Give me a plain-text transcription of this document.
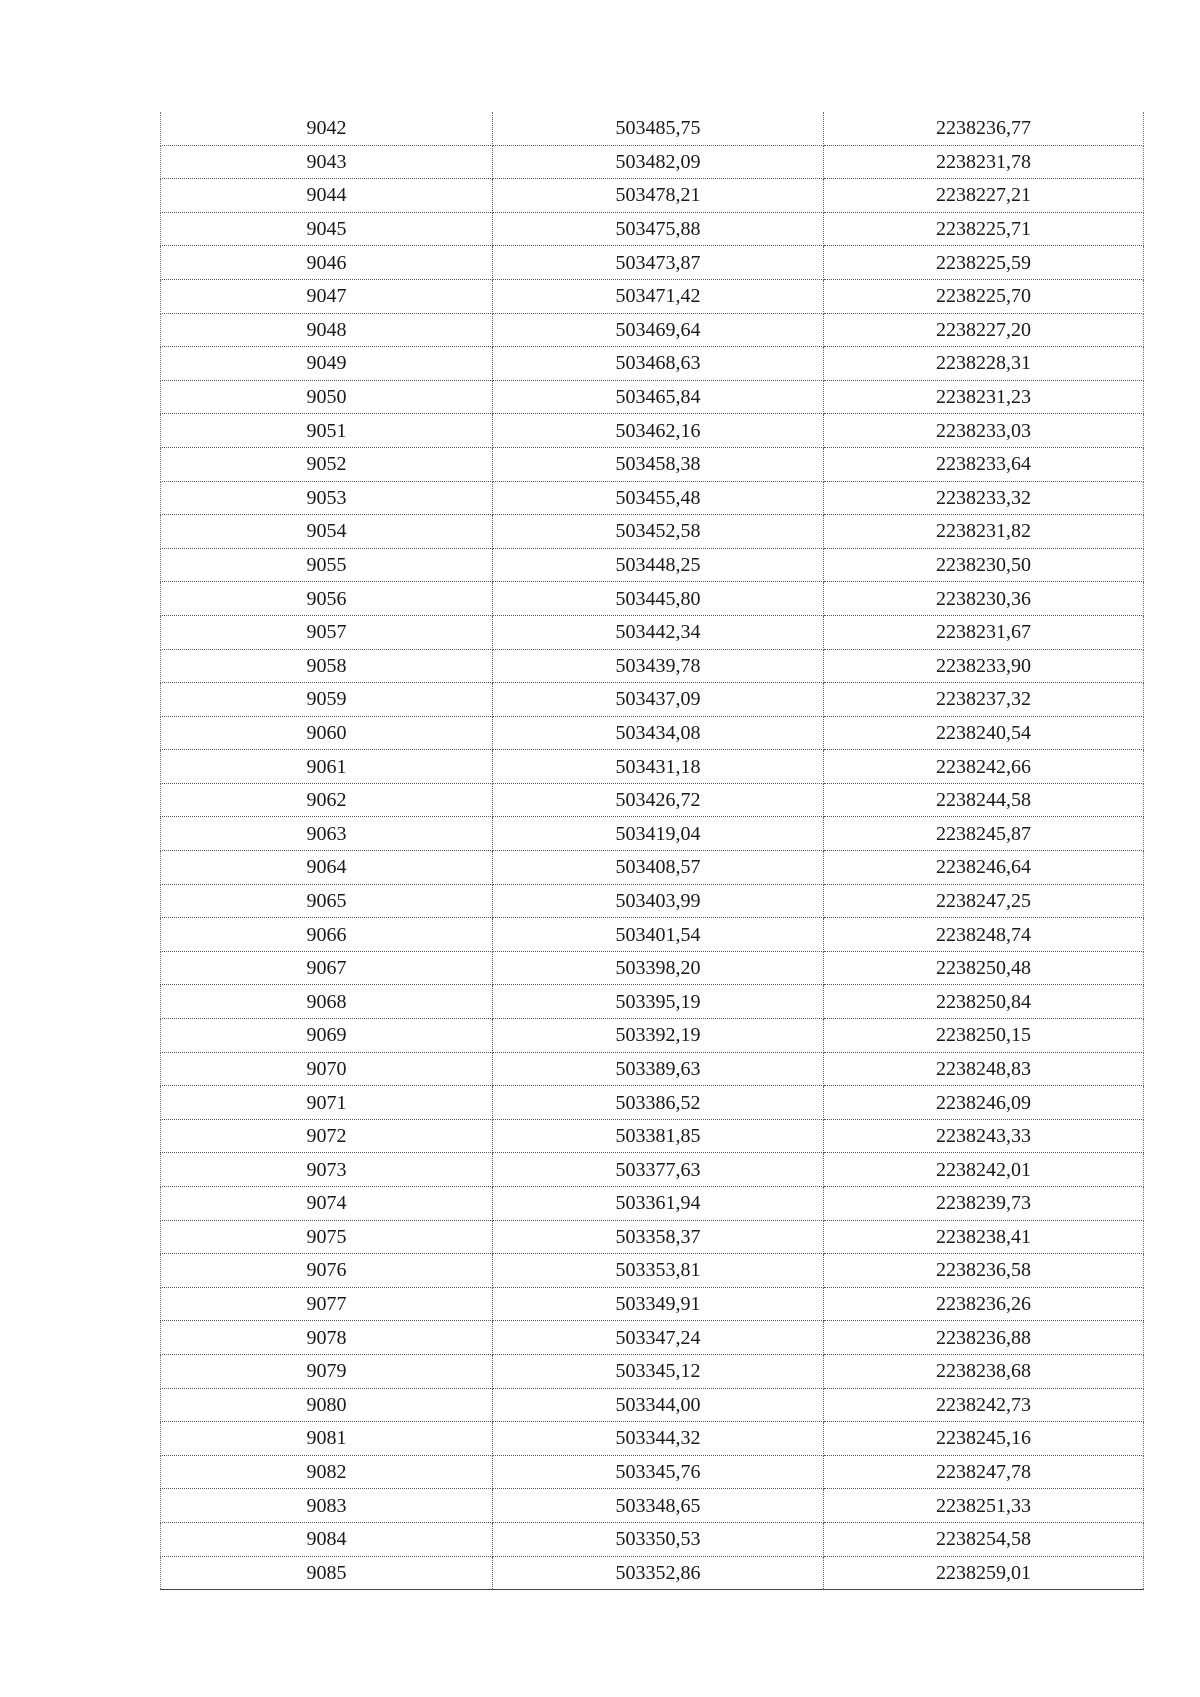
9042	503485,75	2238236,77
9043	503482,09	2238231,78
9044	503478,21	2238227,21
9045	503475,88	2238225,71
9046	503473,87	2238225,59
9047	503471,42	2238225,70
9048	503469,64	2238227,20
9049	503468,63	2238228,31
9050	503465,84	2238231,23
9051	503462,16	2238233,03
9052	503458,38	2238233,64
9053	503455,48	2238233,32
9054	503452,58	2238231,82
9055	503448,25	2238230,50
9056	503445,80	2238230,36
9057	503442,34	2238231,67
9058	503439,78	2238233,90
9059	503437,09	2238237,32
9060	503434,08	2238240,54
9061	503431,18	2238242,66
9062	503426,72	2238244,58
9063	503419,04	2238245,87
9064	503408,57	2238246,64
9065	503403,99	2238247,25
9066	503401,54	2238248,74
9067	503398,20	2238250,48
9068	503395,19	2238250,84
9069	503392,19	2238250,15
9070	503389,63	2238248,83
9071	503386,52	2238246,09
9072	503381,85	2238243,33
9073	503377,63	2238242,01
9074	503361,94	2238239,73
9075	503358,37	2238238,41
9076	503353,81	2238236,58
9077	503349,91	2238236,26
9078	503347,24	2238236,88
9079	503345,12	2238238,68
9080	503344,00	2238242,73
9081	503344,32	2238245,16
9082	503345,76	2238247,78
9083	503348,65	2238251,33
9084	503350,53	2238254,58
9085	503352,86	2238259,01
